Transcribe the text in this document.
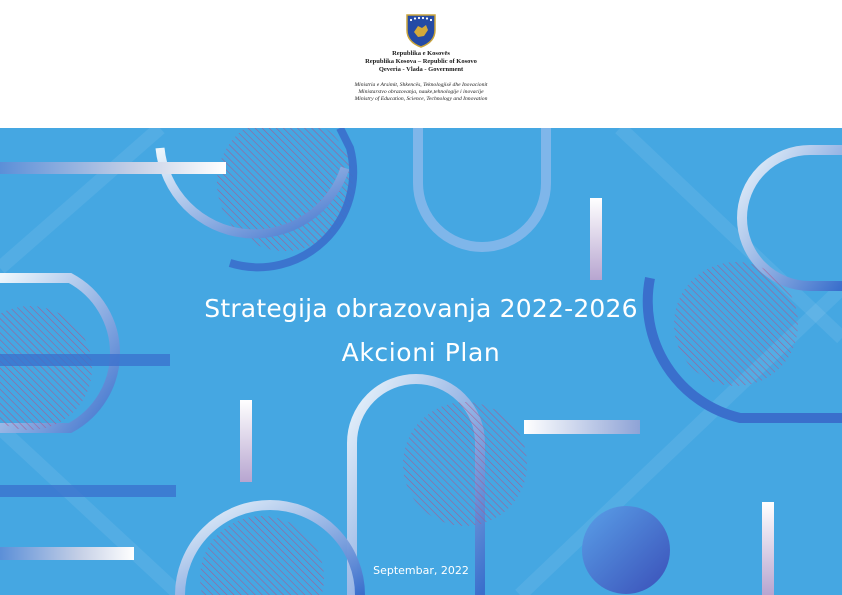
Republika e Kosovës
Republika Kosova – Republic of Kosovo
Qeveria - Vlada - Government
Ministria e Arsimit, Shkencës, Teknologjisë dhe Inovacionit
Ministarstvo obrazovanja, nauke,tehnologije i inovacije
Ministry of Education, Science, Technology and Innovation
Strategija obrazovanja 2022-2026
Akcioni Plan
Septembar, 2022
